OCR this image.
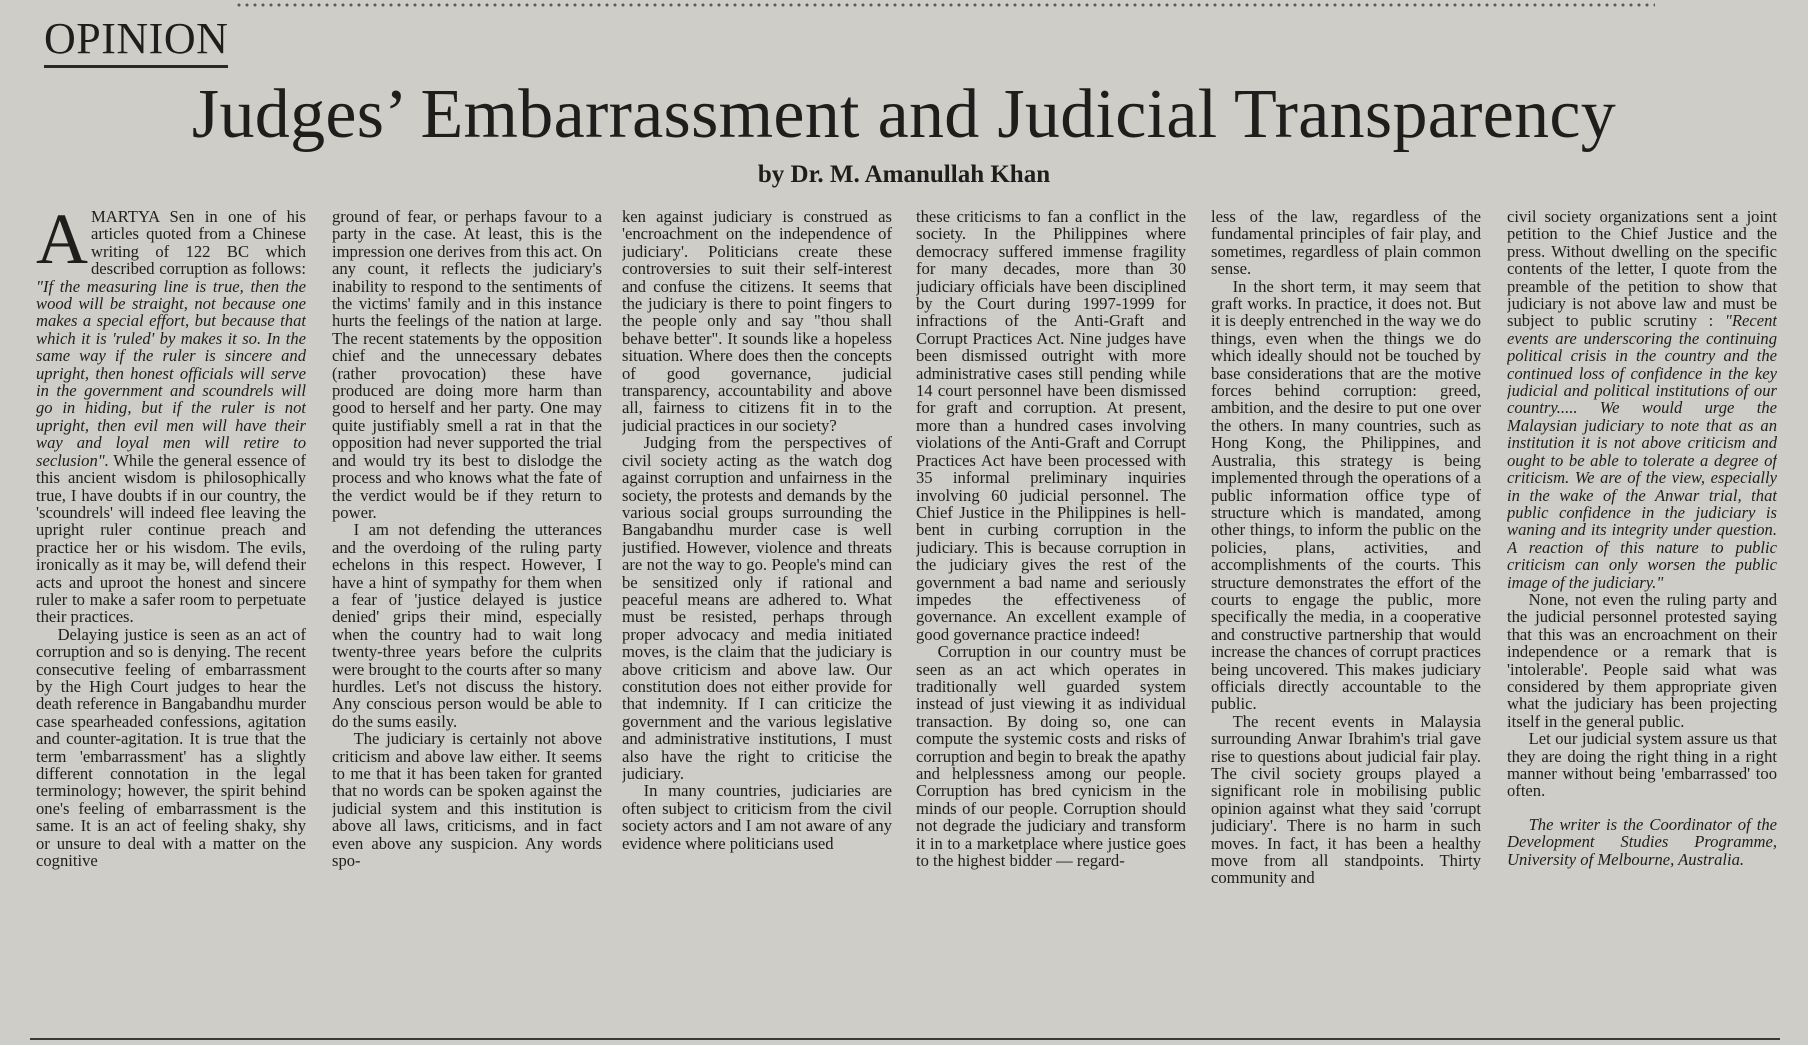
OPINION
Judges’ Embarrassment and Judicial Transparency
by Dr. M. Amanullah Khan

AMARTYA Sen in one of his articles quoted from a Chinese writing of 122 BC which described corruption as follows: "If the measuring line is true, then the wood will be straight, not because one makes a special effort, but because that which it is 'ruled' by makes it so. In the same way if the ruler is sincere and upright, then honest officials will serve in the government and scoundrels will go in hiding, but if the ruler is not upright, then evil men will have their way and loyal men will retire to seclusion". While the general essence of this ancient wisdom is philosophically true, I have doubts if in our country, the 'scoundrels' will indeed flee leaving the upright ruler continue preach and practice her or his wisdom. The evils, ironically as it may be, will defend their acts and uproot the honest and sincere ruler to make a safer room to perpetuate their practices.

Delaying justice is seen as an act of corruption and so is denying. The recent consecutive feeling of embarrassment by the High Court judges to hear the death reference in Bangabandhu murder case spearheaded confessions, agitation and counter-agitation. It is true that the term 'embarrassment' has a slightly different connotation in the legal terminology; however, the spirit behind one's feeling of embarrassment is the same. It is an act of feeling shaky, shy or unsure to deal with a matter on the cognitive

ground of fear, or perhaps favour to a party in the case. At least, this is the impression one derives from this act. On any count, it reflects the judiciary's inability to respond to the sentiments of the victims' family and in this instance hurts the feelings of the nation at large. The recent statements by the opposition chief and the unnecessary debates (rather provocation) these have produced are doing more harm than good to herself and her party. One may quite justifiably smell a rat in that the opposition had never supported the trial and would try its best to dislodge the process and who knows what the fate of the verdict would be if they return to power.

I am not defending the utterances and the overdoing of the ruling party echelons in this respect. However, I have a hint of sympathy for them when a fear of 'justice delayed is justice denied' grips their mind, especially when the country had to wait long twenty-three years before the culprits were brought to the courts after so many hurdles. Let's not discuss the history. Any conscious person would be able to do the sums easily.

The judiciary is certainly not above criticism and above law either. It seems to me that it has been taken for granted that no words can be spoken against the judicial system and this institution is above all laws, criticisms, and in fact even above any suspicion. Any words spo-

ken against judiciary is construed as 'encroachment on the independence of judiciary'. Politicians create these controversies to suit their self-interest and confuse the citizens. It seems that the judiciary is there to point fingers to the people only and say "thou shall behave better". It sounds like a hopeless situation. Where does then the concepts of good governance, judicial transparency, accountability and above all, fairness to citizens fit in to the judicial practices in our society?

Judging from the perspectives of civil society acting as the watch dog against corruption and unfairness in the society, the protests and demands by the various social groups surrounding the Bangabandhu murder case is well justified. However, violence and threats are not the way to go. People's mind can be sensitized only if rational and peaceful means are adhered to. What must be resisted, perhaps through proper advocacy and media initiated moves, is the claim that the judiciary is above criticism and above law. Our constitution does not either provide for that indemnity. If I can criticize the government and the various legislative and administrative institutions, I must also have the right to criticise the judiciary.

In many countries, judiciaries are often subject to criticism from the civil society actors and I am not aware of any evidence where politicians used

these criticisms to fan a conflict in the society. In the Philippines where democracy suffered immense fragility for many decades, more than 30 judiciary officials have been disciplined by the Court during 1997-1999 for infractions of the Anti-Graft and Corrupt Practices Act. Nine judges have been dismissed outright with more administrative cases still pending while 14 court personnel have been dismissed for graft and corruption. At present, more than a hundred cases involving violations of the Anti-Graft and Corrupt Practices Act have been processed with 35 informal preliminary inquiries involving 60 judicial personnel. The Chief Justice in the Philippines is hell-bent in curbing corruption in the judiciary. This is because corruption in the judiciary gives the rest of the government a bad name and seriously impedes the effectiveness of governance. An excellent example of good governance practice indeed!

Corruption in our country must be seen as an act which operates in traditionally well guarded system instead of just viewing it as individual transaction. By doing so, one can compute the systemic costs and risks of corruption and begin to break the apathy and helplessness among our people. Corruption has bred cynicism in the minds of our people. Corruption should not degrade the judiciary and transform it in to a marketplace where justice goes to the highest bidder — regard-

less of the law, regardless of the fundamental principles of fair play, and sometimes, regardless of plain common sense.

In the short term, it may seem that graft works. In practice, it does not. But it is deeply entrenched in the way we do things, even when the things we do which ideally should not be touched by base considerations that are the motive forces behind corruption: greed, ambition, and the desire to put one over the others. In many countries, such as Hong Kong, the Philippines, and Australia, this strategy is being implemented through the operations of a public information office type of structure which is mandated, among other things, to inform the public on the policies, plans, activities, and accomplishments of the courts. This structure demonstrates the effort of the courts to engage the public, more specifically the media, in a cooperative and constructive partnership that would increase the chances of corrupt practices being uncovered. This makes judiciary officials directly accountable to the public.

The recent events in Malaysia surrounding Anwar Ibrahim's trial gave rise to questions about judicial fair play. The civil society groups played a significant role in mobilising public opinion against what they said 'corrupt judiciary'. There is no harm in such moves. In fact, it has been a healthy move from all standpoints. Thirty community and

civil society organizations sent a joint petition to the Chief Justice and the press. Without dwelling on the specific contents of the letter, I quote from the preamble of the petition to show that judiciary is not above law and must be subject to public scrutiny : "Recent events are underscoring the continuing political crisis in the country and the continued loss of confidence in the key judicial and political institutions of our country..... We would urge the Malaysian judiciary to note that as an institution it is not above criticism and ought to be able to tolerate a degree of criticism. We are of the view, especially in the wake of the Anwar trial, that public confidence in the judiciary is waning and its integrity under question. A reaction of this nature to public criticism can only worsen the public image of the judiciary."

None, not even the ruling party and the judicial personnel protested saying that this was an encroachment on their independence or a remark that is 'intolerable'. People said what was considered by them appropriate given what the judiciary has been projecting itself in the general public.

Let our judicial system assure us that they are doing the right thing in a right manner without being 'embarrassed' too often.

The writer is the Coordinator of the Development Studies Programme, University of Melbourne, Australia.
